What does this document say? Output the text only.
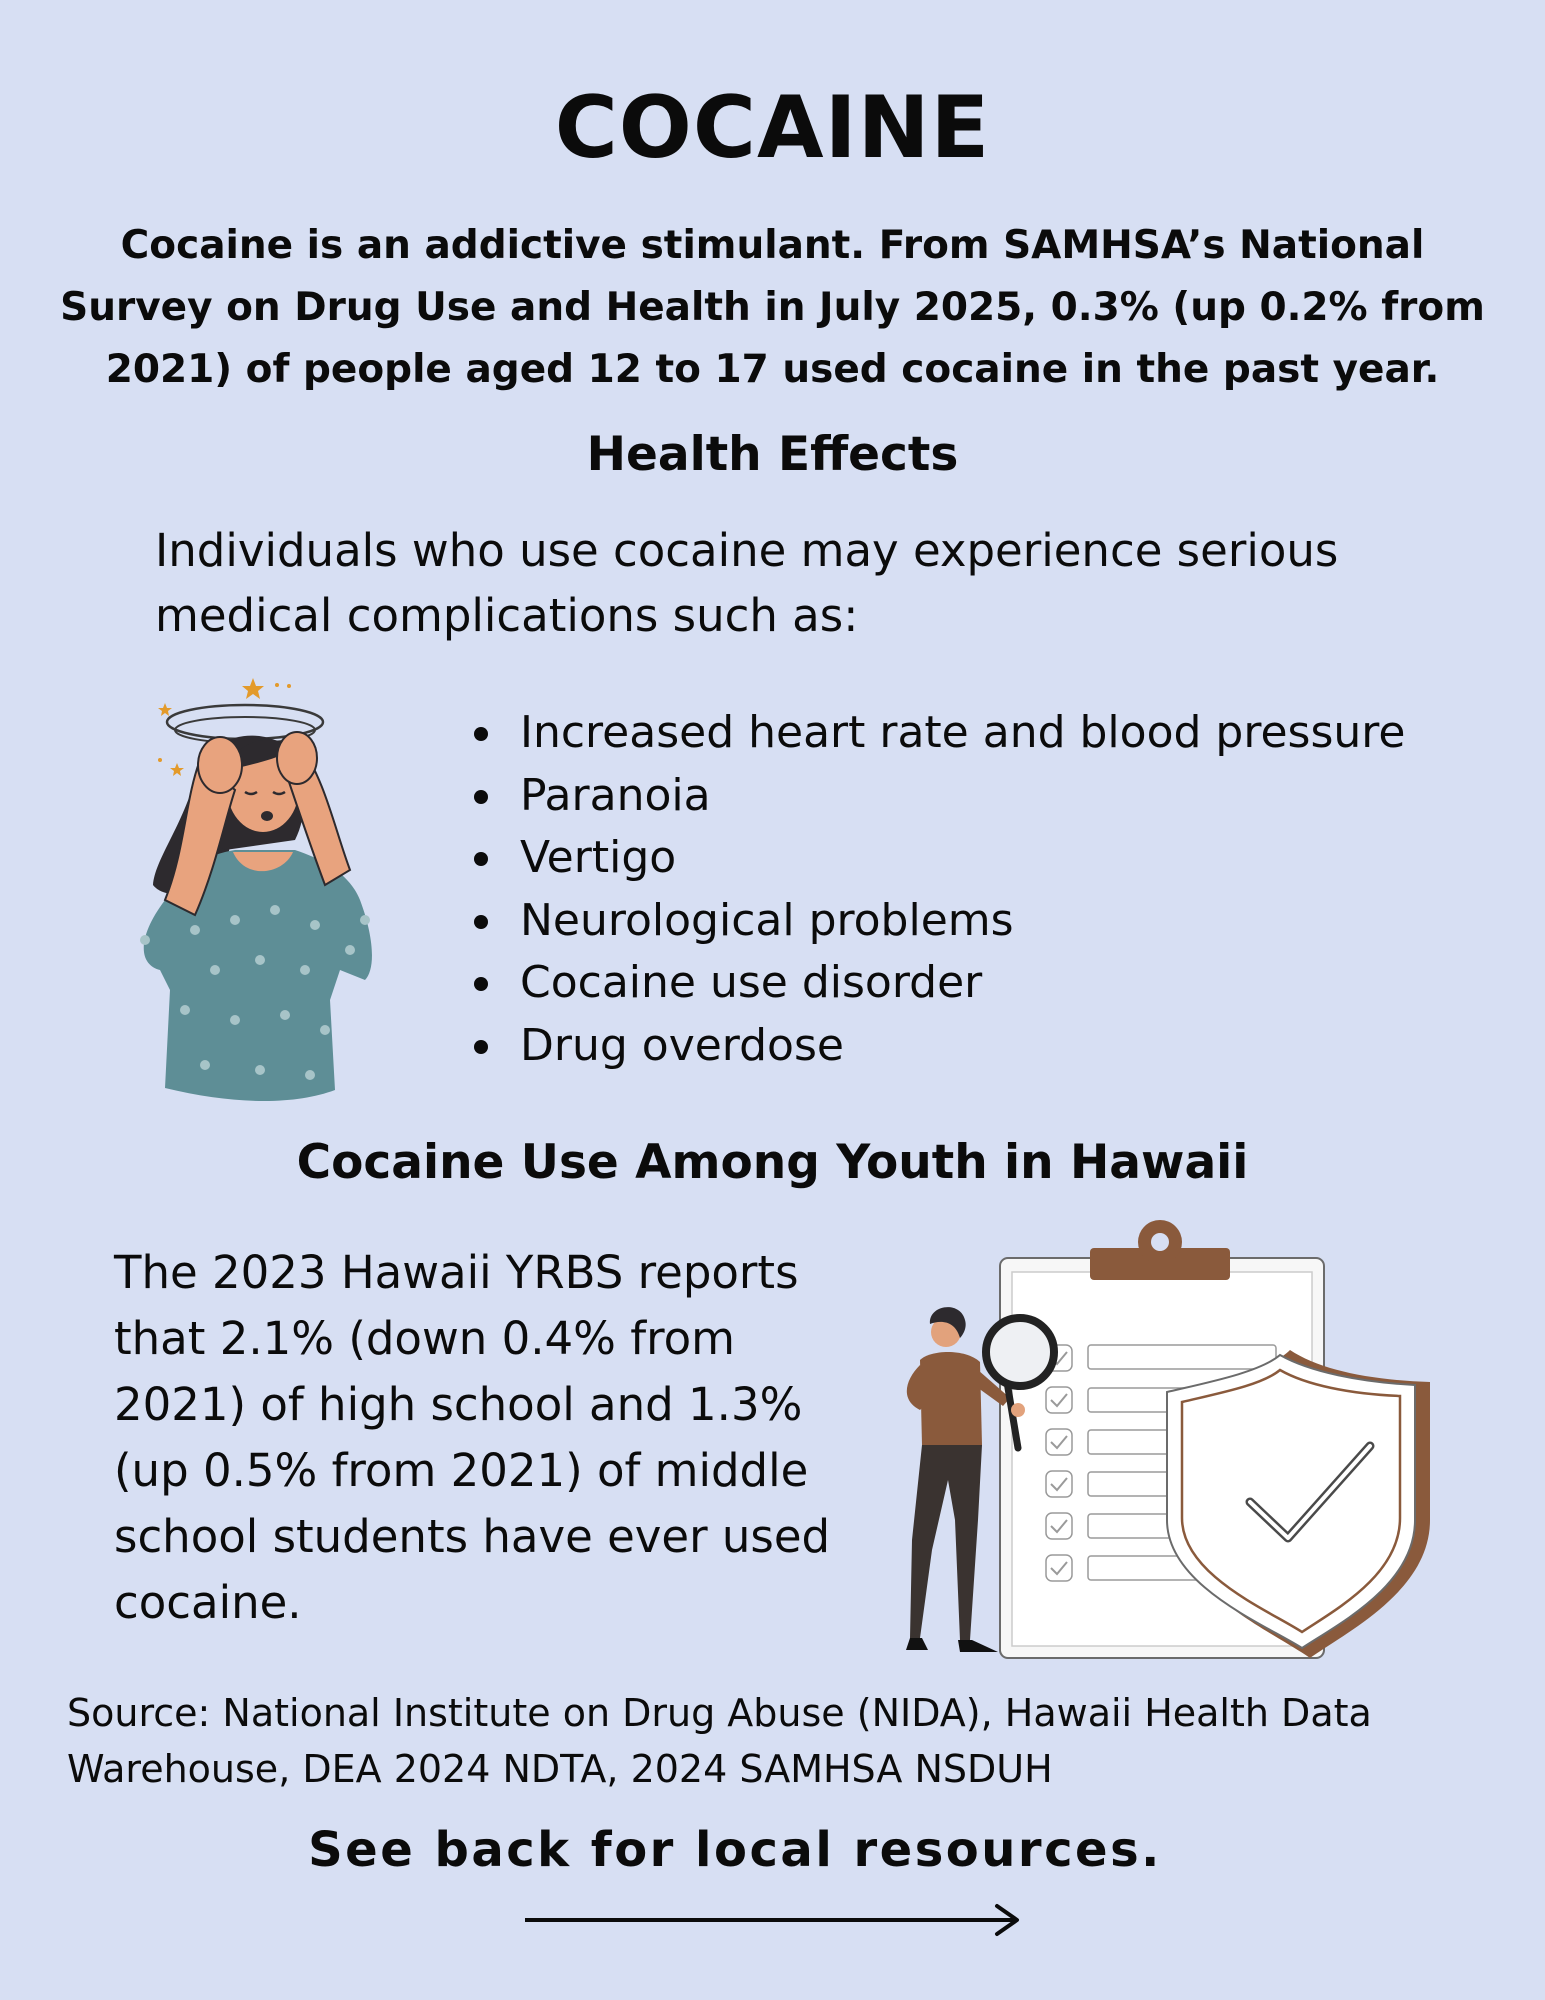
COCAINE
Cocaine is an addictive stimulant. From SAMHSA’s National
Survey on Drug Use and Health in July 2025, 0.3% (up 0.2% from
2021) of people aged 12 to 17 used cocaine in the past year.
Health Effects
Individuals who use cocaine may experience serious
medical complications such as:
Increased heart rate and blood pressure
Paranoia
Vertigo
Neurological problems
Cocaine use disorder
Drug overdose
Cocaine Use Among Youth in Hawaii
The 2023 Hawaii YRBS reports
that 2.1% (down 0.4% from
2021) of high school and 1.3%
(up 0.5% from 2021) of middle
school students have ever used
cocaine.
Source: National Institute on Drug Abuse (NIDA), Hawaii Health Data
Warehouse, DEA 2024 NDTA, 2024 SAMHSA NSDUH
See back for local resources.
